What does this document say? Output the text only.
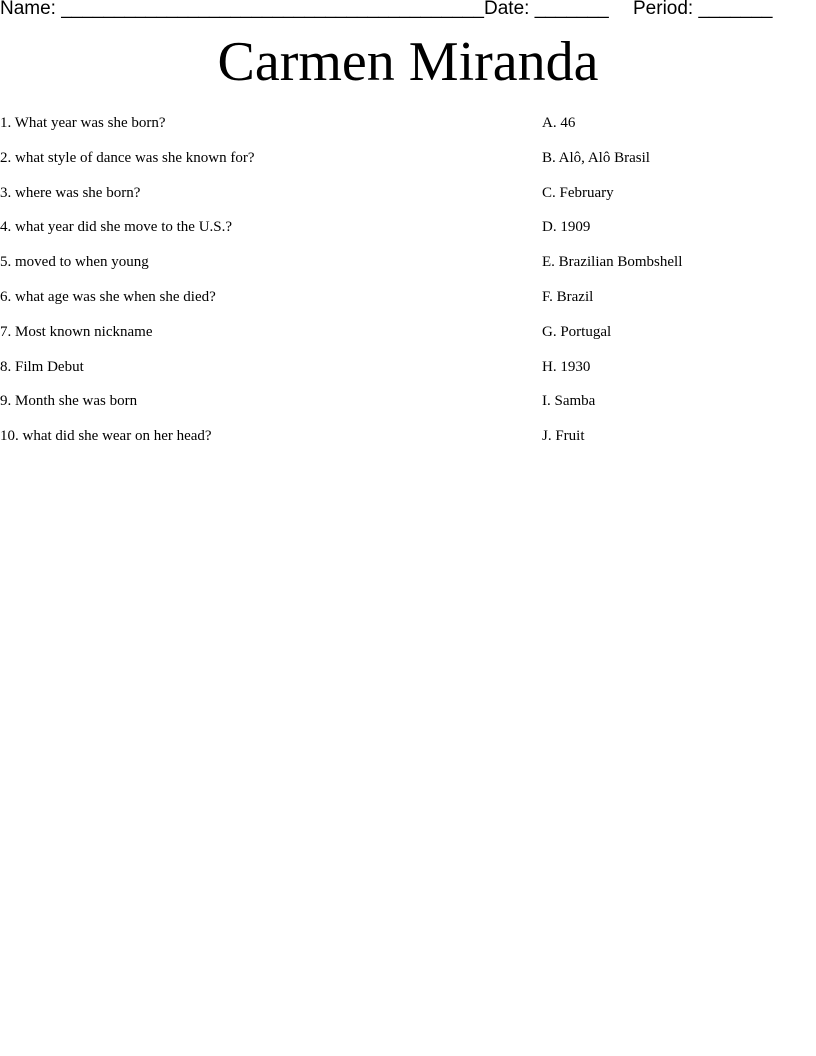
Name: ________________________________________ Date: _______ Period: _______
Carmen Miranda
1. What year was she born?
2. what style of dance was she known for?
3. where was she born?
4. what year did she move to the U.S.?
5. moved to when young
6. what age was she when she died?
7. Most known nickname
8. Film Debut
9. Month she was born
10. what did she wear on her head?
A. 46
B. Alô, Alô Brasil
C. February
D. 1909
E. Brazilian Bombshell
F. Brazil
G. Portugal
H. 1930
I. Samba
J. Fruit
